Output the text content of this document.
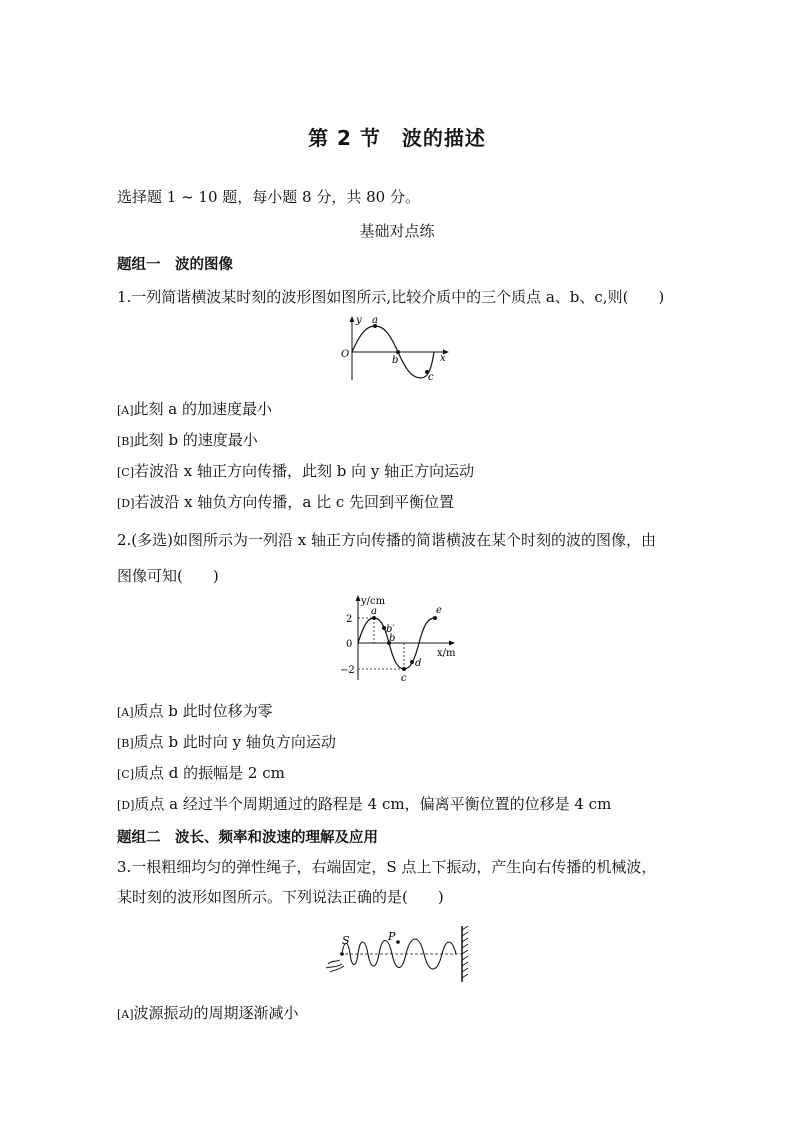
第 2 节　波的描述
选择题 1 ~ 10 题，每小题 8 分，共 80 分。
基础对点练
题组一　 波的图像
1.一列简谐横波某时刻的波形图如图所示,比较介质中的三个质点 a、b、c,则(　　)
y
O	x
a
b
c
[A]此刻 a 的加速度最小
[B]此刻 b 的速度最小
[C]若波沿 x 轴正方向传播，此刻 b 向 y 轴正方向运动
[D]若波沿 x 轴负方向传播，a 比 c 先回到平衡位置
2.(多选)如图所示为一列沿 x 轴正方向传播的简谐横波在某个时刻的波的图像，由
图像可知(　　)
y/cm
x/m
2
0
−2
a
b′
b
c
d
e
[A]质点 b 此时位移为零
[B]质点 b 此时向 y 轴负方向运动
[C]质点 d 的振幅是 2 cm
[D]质点 a 经过半个周期通过的路程是 4 cm，偏离平衡位置的位移是 4 cm
题组二　 波长、频率和波速的理解及应用
3.一根粗细均匀的弹性绳子，右端固定，S 点上下振动，产生向右传播的机械波，
某时刻的波形如图所示。下列说法正确的是(　　)
S	P
[A]波源振动的周期逐渐减小
